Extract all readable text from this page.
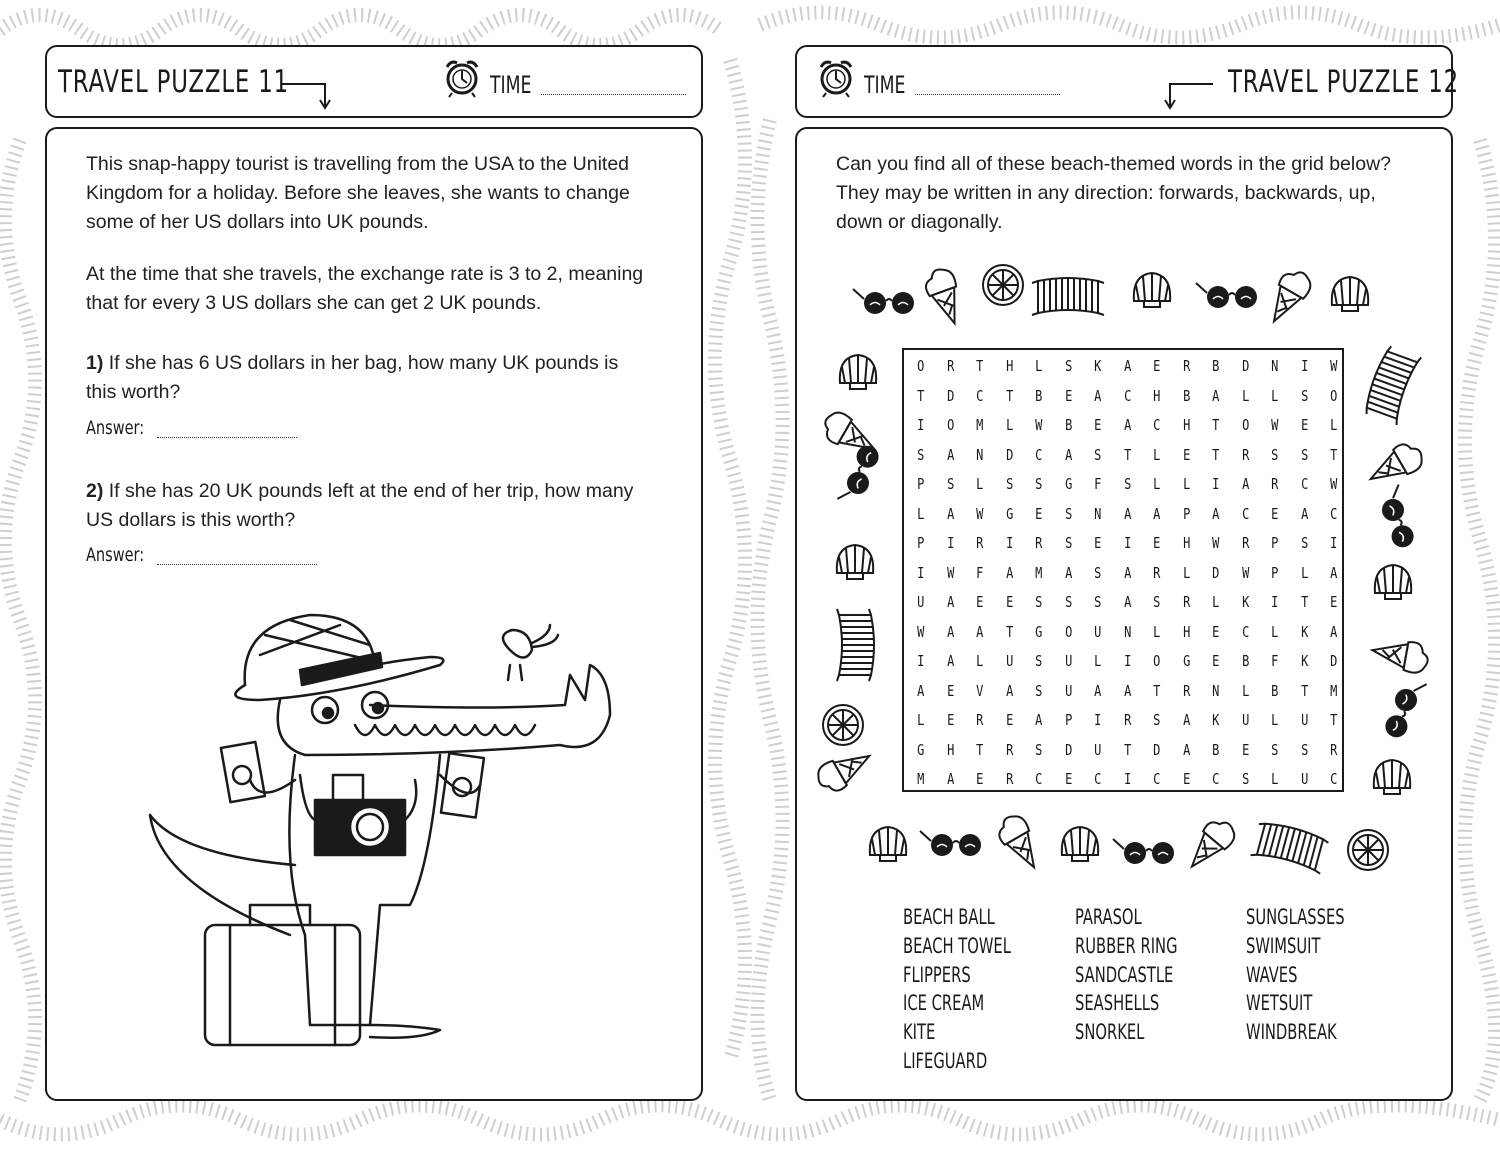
TRAVEL PUZZLE 11	TIME
This snap-happy tourist is travelling from the USA to the United
Kingdom for a holiday. Before she leaves, she wants to change
some of her US dollars into UK pounds.
At the time that she travels, the exchange rate is 3 to 2, meaning
that for every 3 US dollars she can get 2 UK pounds.
1) If she has 6 US dollars in her bag, how many UK pounds is
this worth?
Answer:
2) If she has 20 UK pounds left at the end of her trip, how many
US dollars is this worth?
Answer:
TIME	TRAVEL PUZZLE 12
Can you find all of these beach-themed words in the grid below?
They may be written in any direction: forwards, backwards, up,
down or diagonally.
O	R	T	H	L	S	K	A	E	R	B	D	N	I	W
T	D	C	T	B	E	A	C	H	B	A	L	L	S	O
I	O	M	L	W	B	E	A	C	H	T	O	W	E	L
S	A	N	D	C	A	S	T	L	E	T	R	S	S	T
P	S	L	S	S	G	F	S	L	L	I	A	R	C	W
L	A	W	G	E	S	N	A	A	P	A	C	E	A	C
P	I	R	I	R	S	E	I	E	H	W	R	P	S	I
I	W	F	A	M	A	S	A	R	L	D	W	P	L	A
U	A	E	E	S	S	S	A	S	R	L	K	I	T	E
W	A	A	T	G	O	U	N	L	H	E	C	L	K	A
I	A	L	U	S	U	L	I	O	G	E	B	F	K	D
A	E	V	A	S	U	A	A	T	R	N	L	B	T	M
L	E	R	E	A	P	I	R	S	A	K	U	L	U	T
G	H	T	R	S	D	U	T	D	A	B	E	S	S	R
M	A	E	R	C	E	C	I	C	E	C	S	L	U	C
BEACH BALL
BEACH TOWEL
FLIPPERS
ICE CREAM
KITE
LIFEGUARD
PARASOL
RUBBER RING
SANDCASTLE
SEASHELLS
SNORKEL
SUNGLASSES
SWIMSUIT
WAVES
WETSUIT
WINDBREAK
